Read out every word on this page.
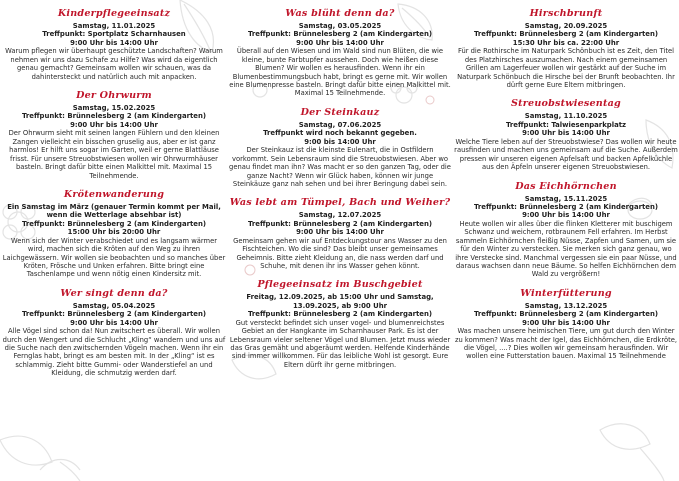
Kinderpflegeeinsatz
Samstag, 11.01.2025
Treffpunkt: Sportplatz Scharnhausen
9:00 Uhr bis 14:00 Uhr

Warum pflegen wir überhaupt geschützte Landschaften? Warum nehmen wir uns dazu Schafe zu Hilfe? Was wird da eigentlich genau gemacht? Gemeinsam wollen wir schauen, was da dahintersteckt und natürlich auch mit anpacken.

Der Ohrwurm
Samstag, 15.02.2025
Treffpunkt: Brünnelesberg 2 (am Kindergarten)
9:00 Uhr bis 14:00 Uhr

Der Ohrwurm sieht mit seinen langen Fühlern und den kleinen Zangen vielleicht ein bisschen gruselig aus, aber er ist ganz harmlos! Er hilft uns sogar im Garten, weil er gerne Blattläuse frisst. Für unsere Streuobstwiesen wollen wir Ohrwurmhäuser basteln. Bringt dafür bitte einen Malkittel mit. Maximal 15 Teilnehmende.

Krötenwanderung
Ein Samstag im März (genauer Termin kommt per Mail, wenn die Wetterlage absehbar ist)
Treffpunkt: Brünnelesberg 2 (am Kindergarten)
15:00 Uhr bis 20:00 Uhr

Wenn sich der Winter verabschiedet und es langsam wärmer wird, machen sich die Kröten auf den Weg zu ihren Laichgewässern. Wir wollen sie beobachten und so manches über Kröten, Frösche und Unken erfahren. Bitte bringt eine Taschenlampe und wenn nötig einen Kindersitz mit.

Wer singt denn da?
Samstag, 05.04.2025
Treffpunkt: Brünnelesberg 2 (am Kindergarten)
9:00 Uhr bis 14:00 Uhr

Alle Vögel sind schon da! Nun zwitschert es überall. Wir wollen durch den Wengert und die Schlucht „Kling“ wandern und uns auf die Suche nach den zwitschernden Vögeln machen. Wenn ihr ein Fernglas habt, bringt es am besten mit. In der „Kling“ ist es schlammig. Zieht bitte Gummi- oder Wanderstiefel an und Kleidung, die schmutzig werden darf.

Was blüht denn da?
Samstag, 03.05.2025
Treffpunkt: Brünnelesberg 2 (am Kindergarten)
9:00 Uhr bis 14:00 Uhr

Überall auf den Wiesen und im Wald sind nun Blüten, die wie kleine, bunte Farbtupfer aussehen. Doch wie heißen diese Blumen? Wir wollen es herausfinden. Wenn ihr ein Blumenbestimmungsbuch habt, bringt es gerne mit. Wir wollen eine Blumenpresse basteln. Bringt dafür bitte einen Malkittel mit. Maximal 15 Teilnehmende.

Der Steinkauz
Samstag, 07.06.2025
Treffpunkt wird noch bekannt gegeben.
9:00 bis 14:00 Uhr

Der Steinkauz ist die kleinste Eulenart, die in Ostfildern vorkommt. Sein Lebensraum sind die Streuobstwiesen. Aber wo genau findet man ihn? Was macht er so den ganzen Tag, oder die ganze Nacht? Wenn wir Glück haben, können wir junge Steinkäuze ganz nah sehen und bei ihrer Beringung dabei sein.

Was lebt am Tümpel, Bach und Weiher?
Samstag, 12.07.2025
Treffpunkt: Brünnelesberg 2 (am Kindergarten)
9:00 Uhr bis 14:00 Uhr

Gemeinsam gehen wir auf Entdeckungstour ans Wasser zu den Fischteichen. Wo die sind? Das bleibt unser gemeinsames Geheimnis. Bitte zieht Kleidung an, die nass werden darf und Schuhe, mit denen ihr ins Wasser gehen könnt.

Pflegeeinsatz im Buschgebiet
Freitag, 12.09.2025, ab 15:00 Uhr und Samstag, 13.09.2025, ab 9:00 Uhr
Treffpunkt: Brünnelesberg 2 (am Kindergarten)

Gut versteckt befindet sich unser vogel- und blumenreichstes Gebiet an der Hangkante im Scharnhauser Park. Es ist der Lebensraum vieler seltener Vögel und Blumen. Jetzt muss wieder das Gras gemäht und abgeräumt werden. Helfende Kinderhände sind immer willkommen. Für das leibliche Wohl ist gesorgt. Eure Eltern dürft ihr gerne mitbringen.

Hirschbrunft
Samstag, 20.09.2025
Treffpunkt: Brünnelesberg 2 (am Kindergarten)
15:30 Uhr bis ca. 22:00 Uhr

Für die Rothirsche im Naturpark Schönbuch ist es Zeit, den Titel des Platzhirsches auszumachen. Nach einem gemeinsamen Grillen am Lagerfeuer wollen wir gestärkt auf der Suche im Naturpark Schönbuch die Hirsche bei der Brunft beobachten. Ihr dürft gerne Eure Eltern mitbringen.

Streuobstwiesentag
Samstag, 11.10.2025
Treffpunkt: Talwiesenparkplatz
9:00 Uhr bis 14:00 Uhr

Welche Tiere leben auf der Streuobstwiese? Das wollen wir heute rausfinden und machen uns gemeinsam auf die Suche. Außerdem pressen wir unseren eigenen Apfelsaft und backen Apfelküchle aus den Äpfeln unserer eigenen Streuobstwiesen.

Das Eichhörnchen
Samstag, 15.11.2025
Treffpunkt: Brünnelesberg 2 (am Kindergarten)
9:00 Uhr bis 14:00 Uhr

Heute wollen wir alles über die flinken Kletterer mit buschigem Schwanz und weichem, rotbraunem Fell erfahren. Im Herbst sammeln Eichhörnchen fleißig Nüsse, Zapfen und Samen, um sie für den Winter zu verstecken. Sie merken sich ganz genau, wo ihre Verstecke sind. Manchmal vergessen sie ein paar Nüsse, und daraus wachsen dann neue Bäume. So helfen Eichhörnchen dem Wald zu vergrößern!

Winterfütterung
Samstag, 13.12.2025
Treffpunkt: Brünnelesberg 2 (am Kindergarten)
9:00 Uhr bis 14:00 Uhr

Was machen unsere heimischen Tiere, um gut durch den Winter zu kommen? Was macht der Igel, das Eichhörnchen, die Erdkröte, die Vögel, ....? Dies wollen wir gemeinsam herausfinden. Wir wollen eine Futterstation bauen. Maximal 15 Teilnehmende
